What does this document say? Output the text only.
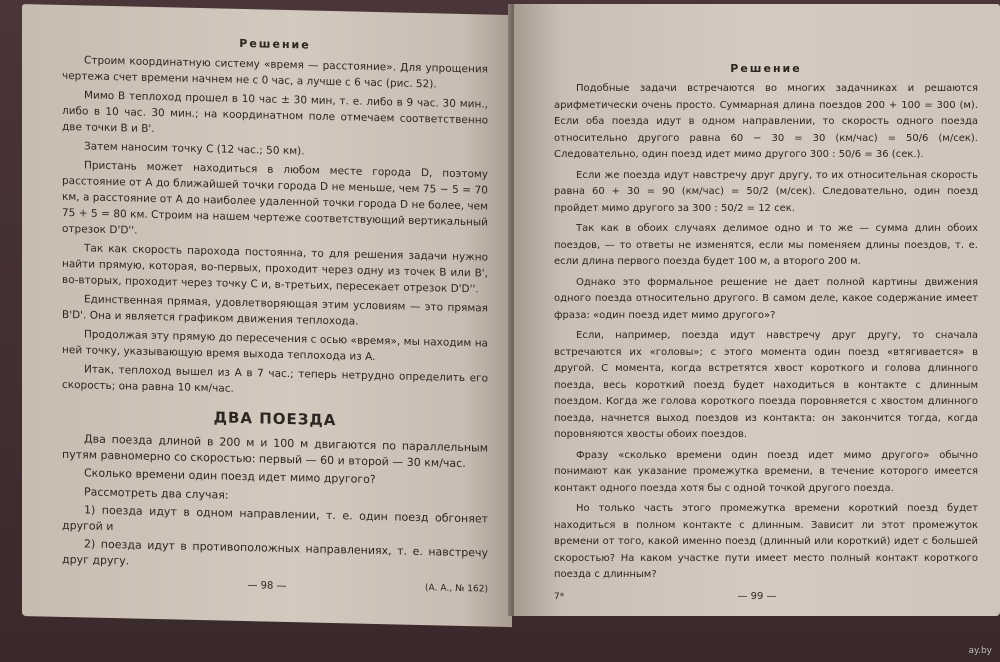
Решение

Строим координатную систему «время — расстояние». Для упрощения чертежа счет времени начнем не с 0 час, а лучше с 6 час (рис. 52).

Мимо B теплоход прошел в 10 час ± 30 мин, т. е. либо в 9 час. 30 мин., либо в 10 час. 30 мин.; на координатном поле отмечаем соответственно две точки B и B'.

Затем наносим точку C (12 час.; 50 км).

Пристань может находиться в любом месте города D, поэтому расстояние от A до ближайшей точки города D не меньше, чем 75 − 5 = 70 км, а расстояние от A до наиболее удаленной точки города D не более, чем 75 + 5 = 80 км. Строим на нашем чертеже соответствующий вертикальный отрезок D'D''.

Так как скорость парохода постоянна, то для решения задачи нужно найти прямую, которая, во-первых, проходит через одну из точек B или B', во-вторых, проходит через точку C и, в-третьих, пересекает отрезок D'D''.

Единственная прямая, удовлетворяющая этим условиям — это прямая B'D'. Она и является графиком движения теплохода.

Продолжая эту прямую до пересечения с осью «время», мы находим на ней точку, указывающую время выхода теплохода из A.

Итак, теплоход вышел из A в 7 час.; теперь нетрудно определить его скорость; она равна 10 км/час.

ДВА ПОЕЗДА

Два поезда длиной в 200 м и 100 м двигаются по параллельным путям равномерно со скоростью: первый — 60 и второй — 30 км/час.

Сколько времени один поезд идет мимо другого?

Рассмотреть два случая:

1) поезда идут в одном направлении, т. е. один поезд обгоняет другой и

2) поезда идут в противоположных направлениях, т. е. навстречу друг другу.

(А. А., № 162)
— 98 —
Решение

Подобные задачи встречаются во многих задачниках и решаются арифметически очень просто. Суммарная длина поездов 200 + 100 = 300 (м). Если оба поезда идут в одном направлении, то скорость одного поезда относительно другого равна 60 − 30 = 30 (км/час) = 50/6 (м/сек). Следовательно, один поезд идет мимо другого 300 : 50/6 = 36 (сек.).

Если же поезда идут навстречу друг другу, то их относительная скорость равна 60 + 30 = 90 (км/час) = 50/2 (м/сек). Следовательно, один поезд пройдет мимо другого за 300 : 50/2 = 12 сек.

Так как в обоих случаях делимое одно и то же — сумма длин обоих поездов, — то ответы не изменятся, если мы поменяем длины поездов, т. е. если длина первого поезда будет 100 м, а второго 200 м.

Однако это формальное решение не дает полной картины движения одного поезда относительно другого. В самом деле, какое содержание имеет фраза: «один поезд идет мимо другого»?

Если, например, поезда идут навстречу друг другу, то сначала встречаются их «головы»; с этого момента один поезд «втягивается» в другой. С момента, когда встретятся хвост короткого и голова длинного поезда, весь короткий поезд будет находиться в контакте с длинным поездом. Когда же голова короткого поезда поровняется с хвостом длинного поезда, начнется выход поездов из контакта: он закончится тогда, когда поровняются хвосты обоих поездов.

Фразу «сколько времени один поезд идет мимо другого» обычно понимают как указание промежутка времени, в течение которого имеется контакт одного поезда хотя бы с одной точкой другого поезда.

Но только часть этого промежутка времени короткий поезд будет находиться в полном контакте с длинным. Зависит ли этот промежуток времени от того, какой именно поезд (длинный или короткий) идет с большей скоростью? На каком участке пути имеет место полный контакт короткого поезда с длинным?

7*	— 99 —
ay.by
